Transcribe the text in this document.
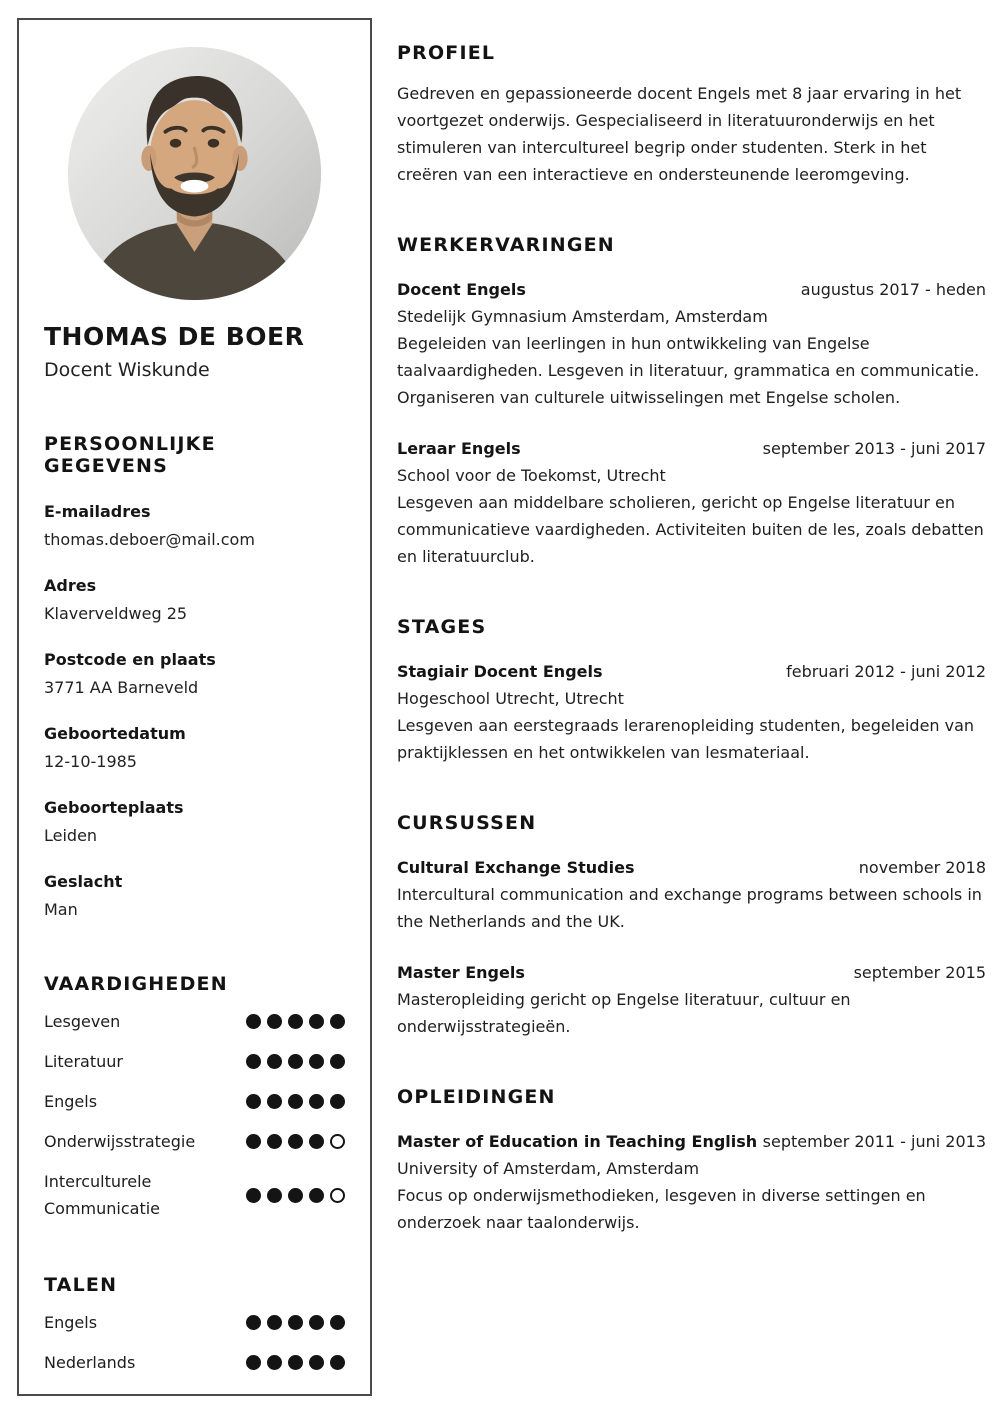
THOMAS DE BOER
Docent Wiskunde
PERSOONLIJKE GEGEVENS
E-mailadres
thomas.deboer@mail.com
Adres
Klaverveldweg 25
Postcode en plaats
3771 AA Barneveld
Geboortedatum
12-10-1985
Geboorteplaats
Leiden
Geslacht
Man
VAARDIGHEDEN
Lesgeven
Literatuur
Engels
Onderwijsstrategie
Interculturele Communicatie
TALEN
Engels
Nederlands
PROFIEL

Gedreven en gepassioneerde docent Engels met 8 jaar ervaring in het voortgezet onderwijs. Gespecialiseerd in literatuuronderwijs en het stimuleren van intercultureel begrip onder studenten. Sterk in het creëren van een interactieve en ondersteunende leeromgeving.

WERKERVARINGEN
Docent Engels	augustus 2017 - heden
Stedelijk Gymnasium Amsterdam, Amsterdam

Begeleiden van leerlingen in hun ontwikkeling van Engelse taalvaardigheden. Lesgeven in literatuur, grammatica en communicatie. Organiseren van culturele uitwisselingen met Engelse scholen.

Leraar Engels	september 2013 - juni 2017
School voor de Toekomst, Utrecht

Lesgeven aan middelbare scholieren, gericht op Engelse literatuur en communicatieve vaardigheden. Activiteiten buiten de les, zoals debatten en literatuurclub.

STAGES
Stagiair Docent Engels	februari 2012 - juni 2012
Hogeschool Utrecht, Utrecht

Lesgeven aan eerstegraads lerarenopleiding studenten, begeleiden van praktijklessen en het ontwikkelen van lesmateriaal.

CURSUSSEN
Cultural Exchange Studies	november 2018

Intercultural communication and exchange programs between schools in the Netherlands and the UK.

Master Engels	september 2015

Masteropleiding gericht op Engelse literatuur, cultuur en onderwijsstrategieën.

OPLEIDINGEN
Master of Education in Teaching English september 2011 - juni 2013
University of Amsterdam, Amsterdam

Focus op onderwijsmethodieken, lesgeven in diverse settingen en onderzoek naar taalonderwijs.
